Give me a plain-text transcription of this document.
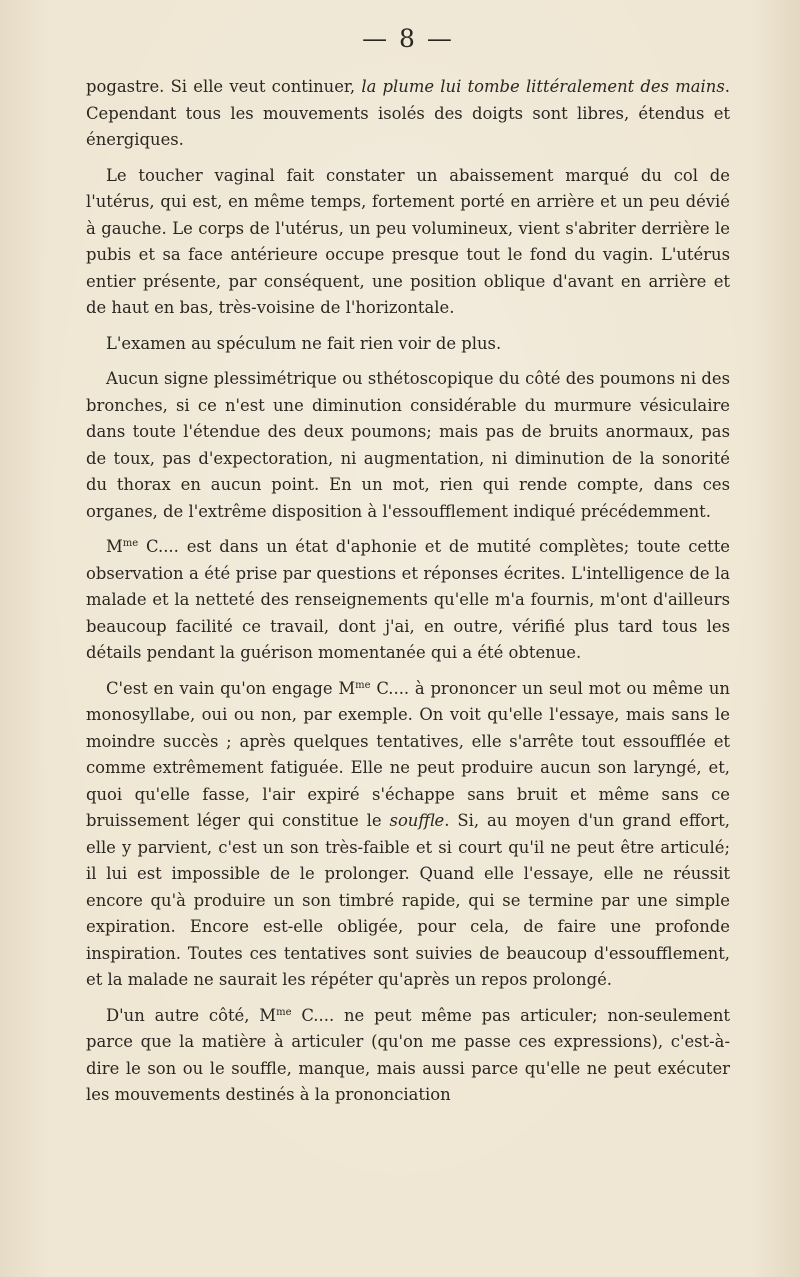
— 8 —

pogastre. Si elle veut continuer, la plume lui tombe littéralement des mains. Cependant tous les mouvements isolés des doigts sont libres, étendus et énergiques.

Le toucher vaginal fait constater un abaissement marqué du col de l'utérus, qui est, en même temps, fortement porté en arrière et un peu dévié à gauche. Le corps de l'utérus, un peu volumineux, vient s'abriter derrière le pubis et sa face antérieure occupe presque tout le fond du vagin. L'utérus entier présente, par conséquent, une position oblique d'avant en arrière et de haut en bas, très-voisine de l'horizontale.

L'examen au spéculum ne fait rien voir de plus.

Aucun signe plessimétrique ou sthétoscopique du côté des poumons ni des bronches, si ce n'est une diminution considérable du murmure vésiculaire dans toute l'étendue des deux poumons; mais pas de bruits anormaux, pas de toux, pas d'expectoration, ni augmentation, ni diminution de la sonorité du thorax en aucun point. En un mot, rien qui rende compte, dans ces organes, de l'extrême disposition à l'essoufflement indiqué précédemment.

$M^{me}$ C.... est dans un état d'aphonie et de mutité complètes; toute cette observation a été prise par questions et réponses écrites. L'intelligence de la malade et la netteté des renseignements qu'elle m'a fournis, m'ont d'ailleurs beaucoup facilité ce travail, dont j'ai, en outre, vérifié plus tard tous les détails pendant la guérison momentanée qui a été obtenue.

C'est en vain qu'on engage $M^{me}$ C.... à prononcer un seul mot ou même un monosyllabe, oui ou non, par exemple. On voit qu'elle l'essaye, mais sans le moindre succès ; après quelques tentatives, elle s'arrête tout essoufflée et comme extrêmement fatiguée. Elle ne peut produire aucun son laryngé, et, quoi qu'elle fasse, l'air expiré s'échappe sans bruit et même sans ce bruissement léger qui constitue le souffle. Si, au moyen d'un grand effort, elle y parvient, c'est un son très-faible et si court qu'il ne peut être articulé; il lui est impossible de le prolonger. Quand elle l'essaye, elle ne réussit encore qu'à produire un son timbré rapide, qui se termine par une simple expiration. Encore est-elle obligée, pour cela, de faire une profonde inspiration. Toutes ces tentatives sont suivies de beaucoup d'essoufflement, et la malade ne saurait les répéter qu'après un repos prolongé.

D'un autre côté, $M^{me}$ C.... ne peut même pas articuler; non-seulement parce que la matière à articuler (qu'on me passe ces expressions), c'est-à-dire le son ou le souffle, manque, mais aussi parce qu'elle ne peut exécuter les mouvements destinés à la prononciation
